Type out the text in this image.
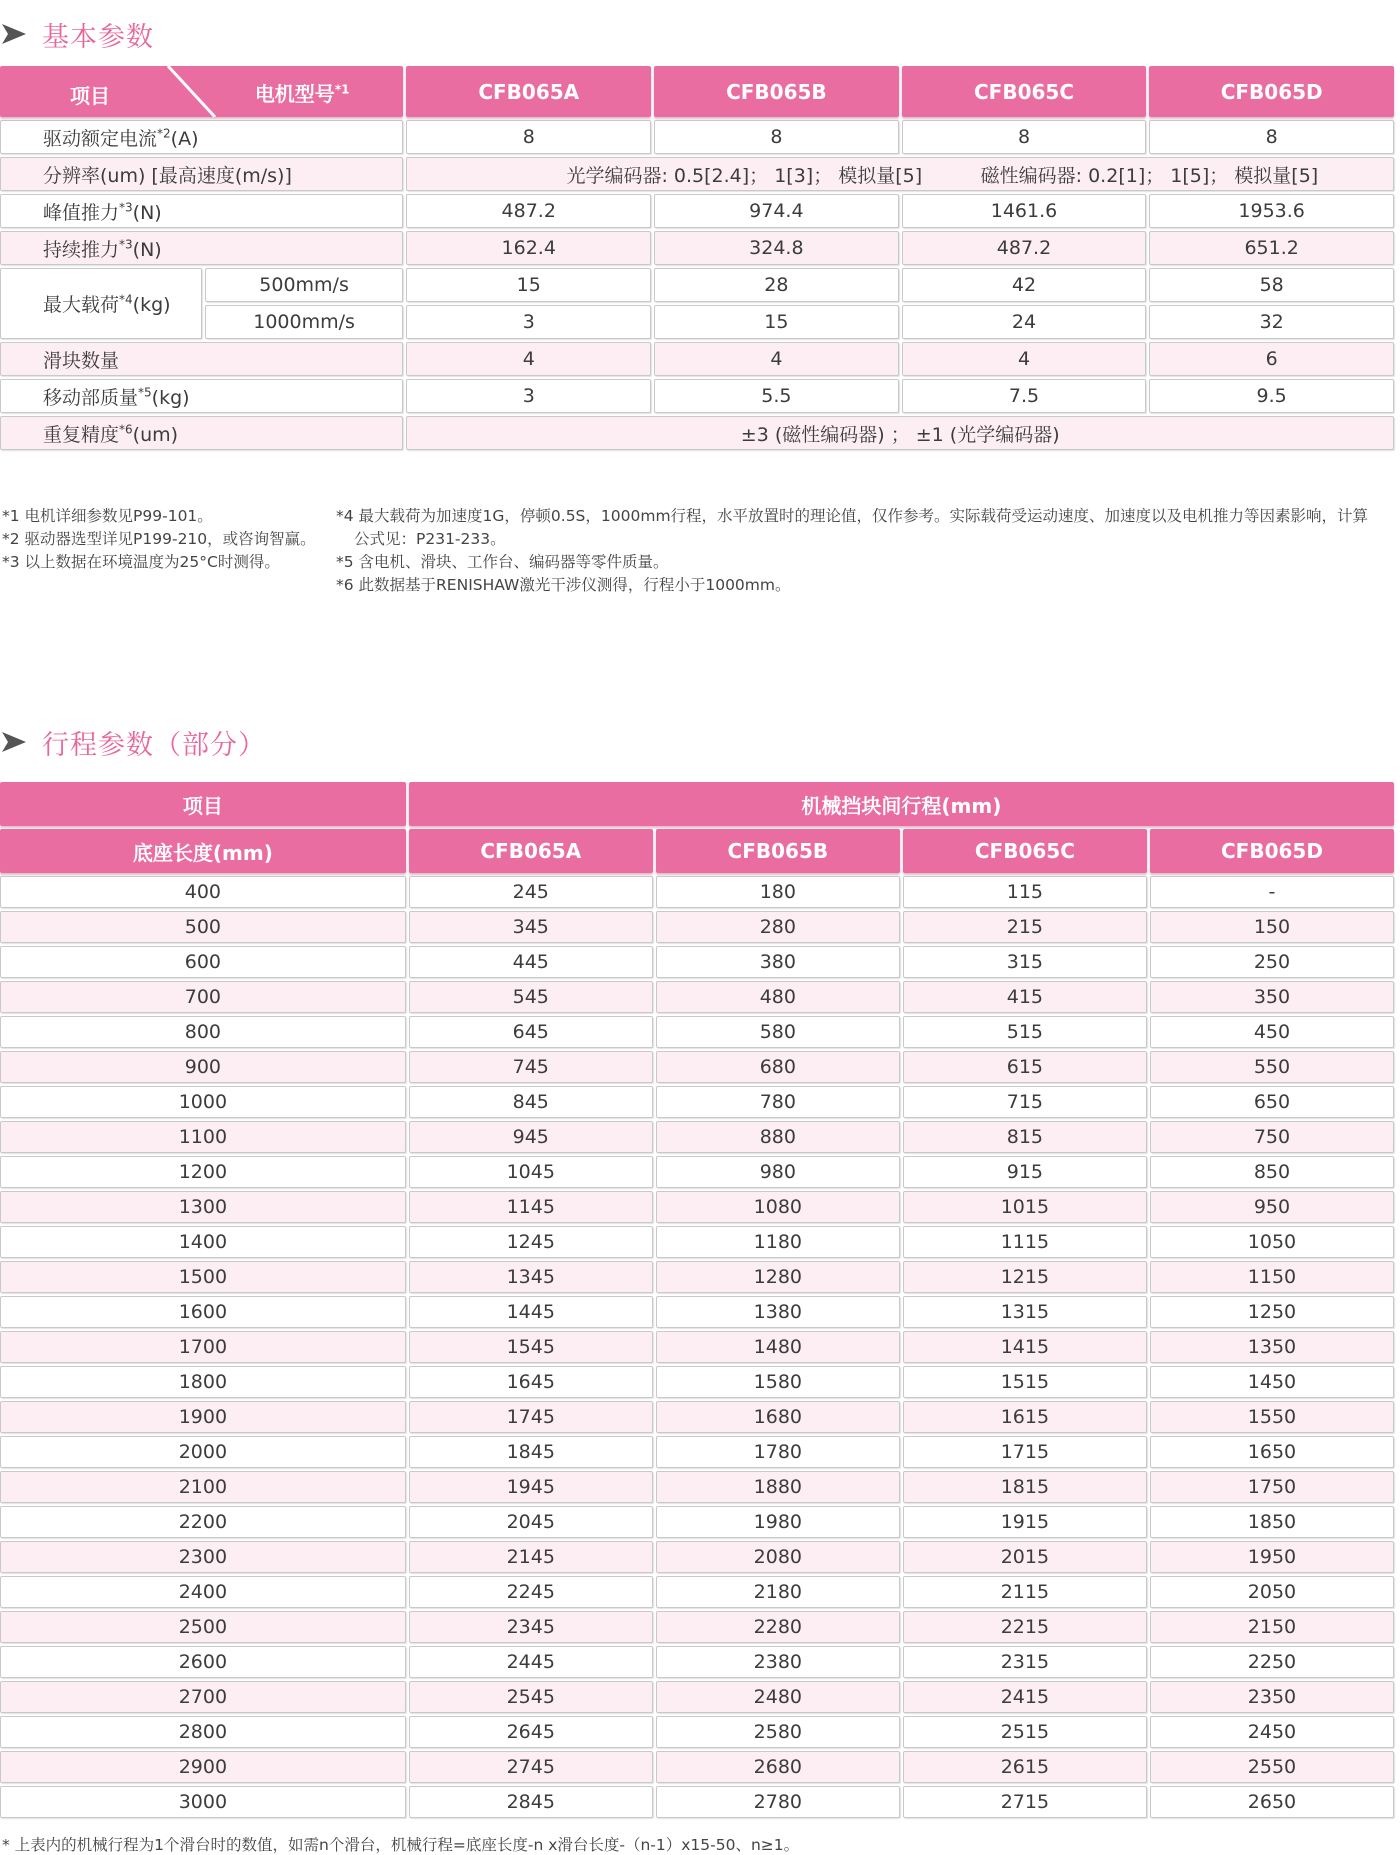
基本参数
项目 电机型号$^{*1}$		CFB065A	CFB065B	CFB065C	CFB065D
驱动额定电流$^{*2}$(A)		8	8	8	8
分辨率(um) [最高速度(m/s)]		光学编码器: 0.5[2.4]； 1[3]； 模拟量[5] 磁性编码器: 0.2[1]； 1[5]； 模拟量[5]			
峰值推力$^{*3}$(N)		487.2	974.4	1461.6	1953.6
持续推力$^{*3}$(N)		162.4	324.8	487.2	651.2
最大载荷$^{*4}$(kg)	500mm/s	15	28	42	58
	1000mm/s	3	15	24	32
滑块数量		4	4	4	6
移动部质量$^{*5}$(kg)		3	5.5	7.5	9.5
重复精度$^{*6}$(um)		±3 (磁性编码器) ； ±1 (光学编码器)			
*1 电机详细参数见P99-101。
*2 驱动器选型详见P199-210，或咨询智赢。
*3 以上数据在环境温度为25°C时测得。
*4 最大载荷为加速度1G，停顿0.5S，1000mm行程，水平放置时的理论值，仅作参考。实际载荷受运动速度、加速度以及电机推力等因素影响，计算
公式见：P231-233。
*5 含电机、滑块、工作台、编码器等零件质量。
*6 此数据基于RENISHAW激光干涉仪测得，行程小于1000mm。
行程参数（部分）
项目	机械挡块间行程(mm)			
底座长度(mm)	CFB065A	CFB065B	CFB065C	CFB065D
400	245	180	115	-
500	345	280	215	150
600	445	380	315	250
700	545	480	415	350
800	645	580	515	450
900	745	680	615	550
1000	845	780	715	650
1100	945	880	815	750
1200	1045	980	915	850
1300	1145	1080	1015	950
1400	1245	1180	1115	1050
1500	1345	1280	1215	1150
1600	1445	1380	1315	1250
1700	1545	1480	1415	1350
1800	1645	1580	1515	1450
1900	1745	1680	1615	1550
2000	1845	1780	1715	1650
2100	1945	1880	1815	1750
2200	2045	1980	1915	1850
2300	2145	2080	2015	1950
2400	2245	2180	2115	2050
2500	2345	2280	2215	2150
2600	2445	2380	2315	2250
2700	2545	2480	2415	2350
2800	2645	2580	2515	2450
2900	2745	2680	2615	2550
3000	2845	2780	2715	2650
* 上表内的机械行程为1个滑台时的数值，如需n个滑台，机械行程=底座长度-n x滑台长度-（n-1）x15-50、n≥1。
